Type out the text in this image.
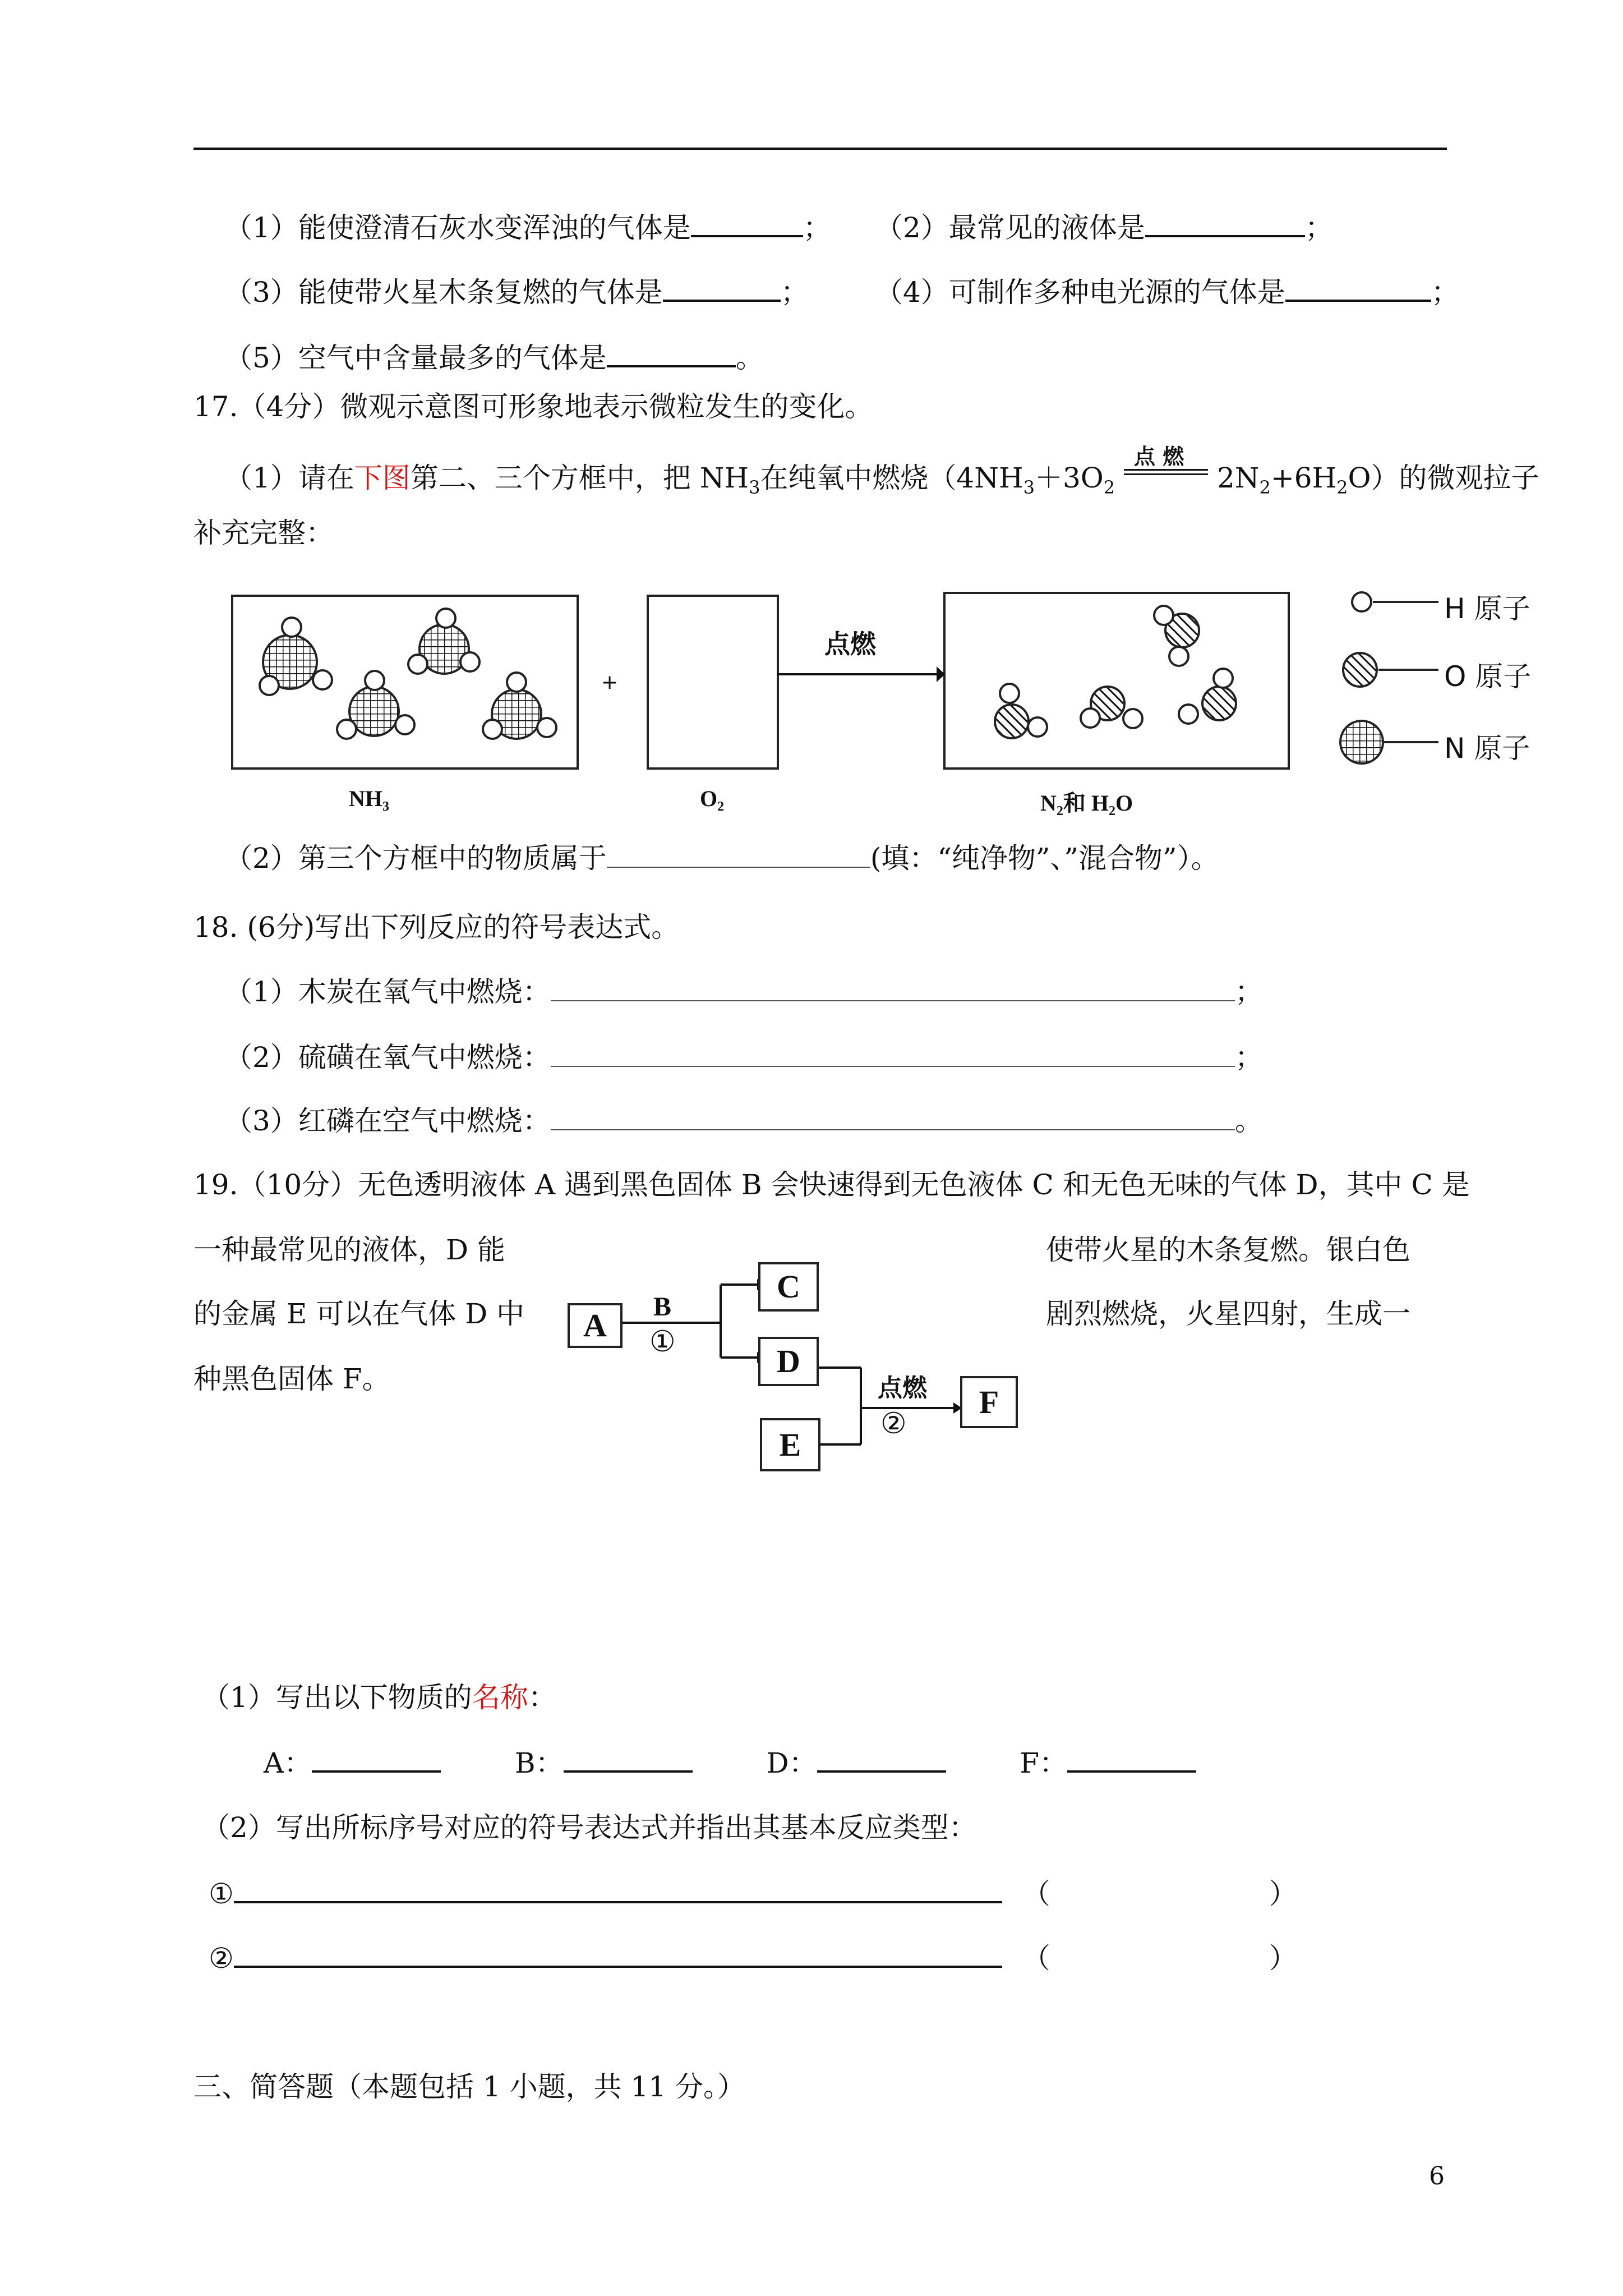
（1）能使澄清石灰水变浑浊的气体是	； （2）最常见的液体是	；
（3）能使带火星木条复燃的气体是	； （4）可制作多种电光源的气体是	；
（5）空气中含量最多的气体是	。
17.（4分）微观示意图可形象地表示微粒发生的变化。
（1）请在下图第二、三个方框中，把 $NH_3$在纯氧中燃烧（$4NH_3+3O_2$
点 燃
$2N_2+6H_2O$）的微观拉子
补充完整：
+
点燃
NH₃	O₂	N₂和 H₂O
H 原子
O 原子
N 原子
（2）第三个方框中的物质属于	(填：“纯净物”、”混合物”）。
18. (6分)写出下列反应的符号表达式。
（1）木炭在氧气中燃烧：	；
（2）硫磺在氧气中燃烧：	；
（3）红磷在空气中燃烧：	。
19.（10分）无色透明液体 A 遇到黑色固体 B 会快速得到无色液体 C 和无色无味的气体 D，其中 C 是
一种最常见的液体，D 能	使带火星的木条复燃。银白色
的金属 E 可以在气体 D 中	剧烈燃烧，火星四射，生成一
种黑色固体 F。
A
C
D
E
F
B
①
点燃
②
（1）写出以下物质的名称：
A：	B：	D：	F：
（2）写出所标序号对应的符号表达式并指出其基本反应类型：
①	（	）
②	（	）
三、简答题（本题包括 1 小题，共 11 分。）
6
